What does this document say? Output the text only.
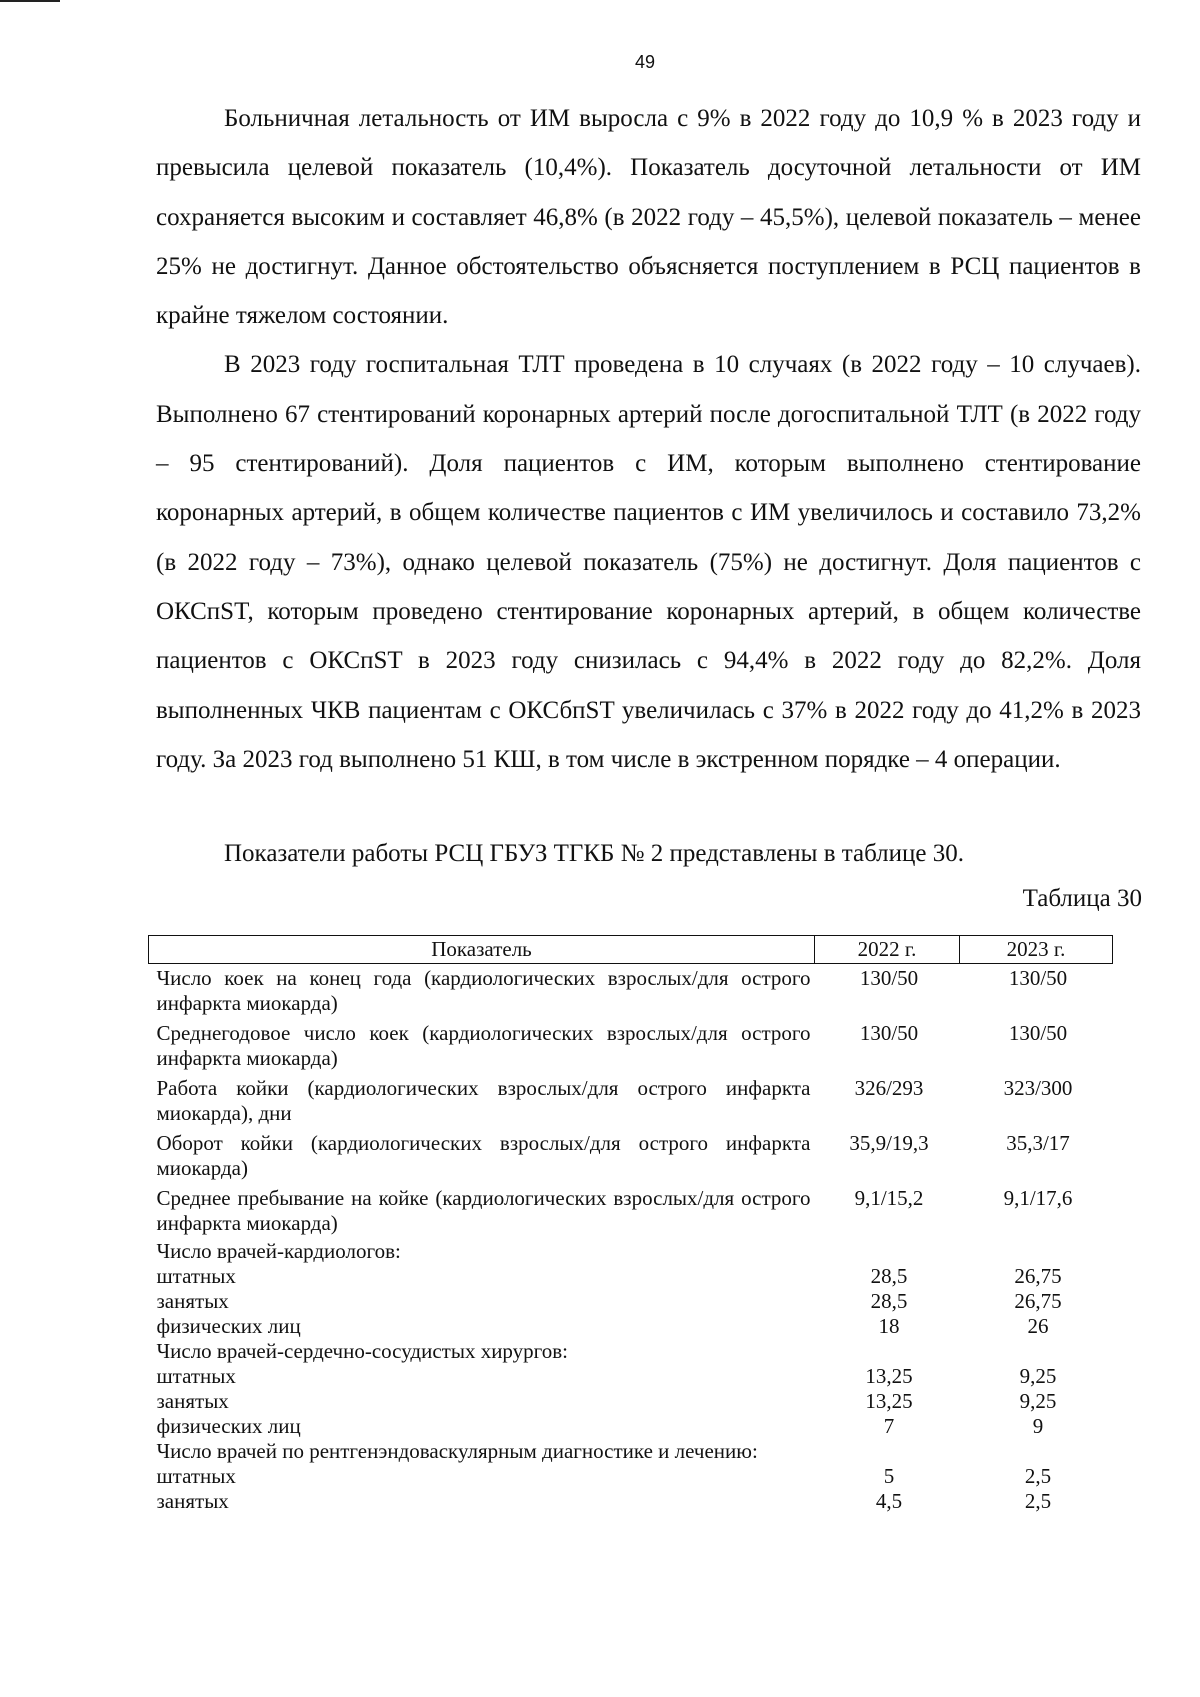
49

Больничная летальность от ИМ выросла с 9% в 2022 году до 10,9 % в 2023 году и превысила целевой показатель (10,4%). Показатель досуточной летальности от ИМ сохраняется высоким и составляет 46,8% (в 2022 году – 45,5%), целевой показатель – менее 25% не достигнут. Данное обстоятельство объясняется поступлением в РСЦ пациентов в крайне тяжелом состоянии.

В 2023 году госпитальная ТЛТ проведена в 10 случаях (в 2022 году – 10 случаев). Выполнено 67 стентирований коронарных артерий после догоспитальной ТЛТ (в 2022 году – 95 стентирований). Доля пациентов с ИМ, которым выполнено стентирование коронарных артерий, в общем количестве пациентов с ИМ увеличилось и составило 73,2% (в 2022 году – 73%), однако целевой показатель (75%) не достигнут. Доля пациентов с ОКСпST, которым проведено стентирование коронарных артерий, в общем количестве пациентов с ОКСпST в 2023 году снизилась с 94,4% в 2022 году до 82,2%. Доля выполненных ЧКВ пациентам с ОКСбпST увеличилась с 37% в 2022 году до 41,2% в 2023 году. За 2023 год выполнено 51 КШ, в том числе в экстренном порядке – 4 операции.

Показатели работы РСЦ ГБУЗ ТГКБ № 2 представлены в таблице 30.
Таблица 30
Показатель	2022 г.	2023 г.
Число коек на конец года (кардиологических взрослых/для острого инфаркта миокарда)	130/50	130/50
Среднегодовое число коек (кардиологических взрослых/для острого инфаркта миокарда)	130/50	130/50
Работа койки (кардиологических взрослых/для острого инфаркта миокарда), дни	326/293	323/300
Оборот койки (кардиологических взрослых/для острого инфаркта миокарда)	35,9/19,3	35,3/17
Среднее пребывание на койке (кардиологических взрослых/для острого инфаркта миокарда)	9,1/15,2	9,1/17,6
Число врачей-кардиологов:		
штатных	28,5	26,75
занятых	28,5	26,75
физических лиц	18	26
Число врачей-сердечно-сосудистых хирургов:		
штатных	13,25	9,25
занятых	13,25	9,25
физических лиц	7	9
Число врачей по рентгенэндоваскулярным диагностике и лечению:		
штатных	5	2,5
занятых	4,5	2,5
